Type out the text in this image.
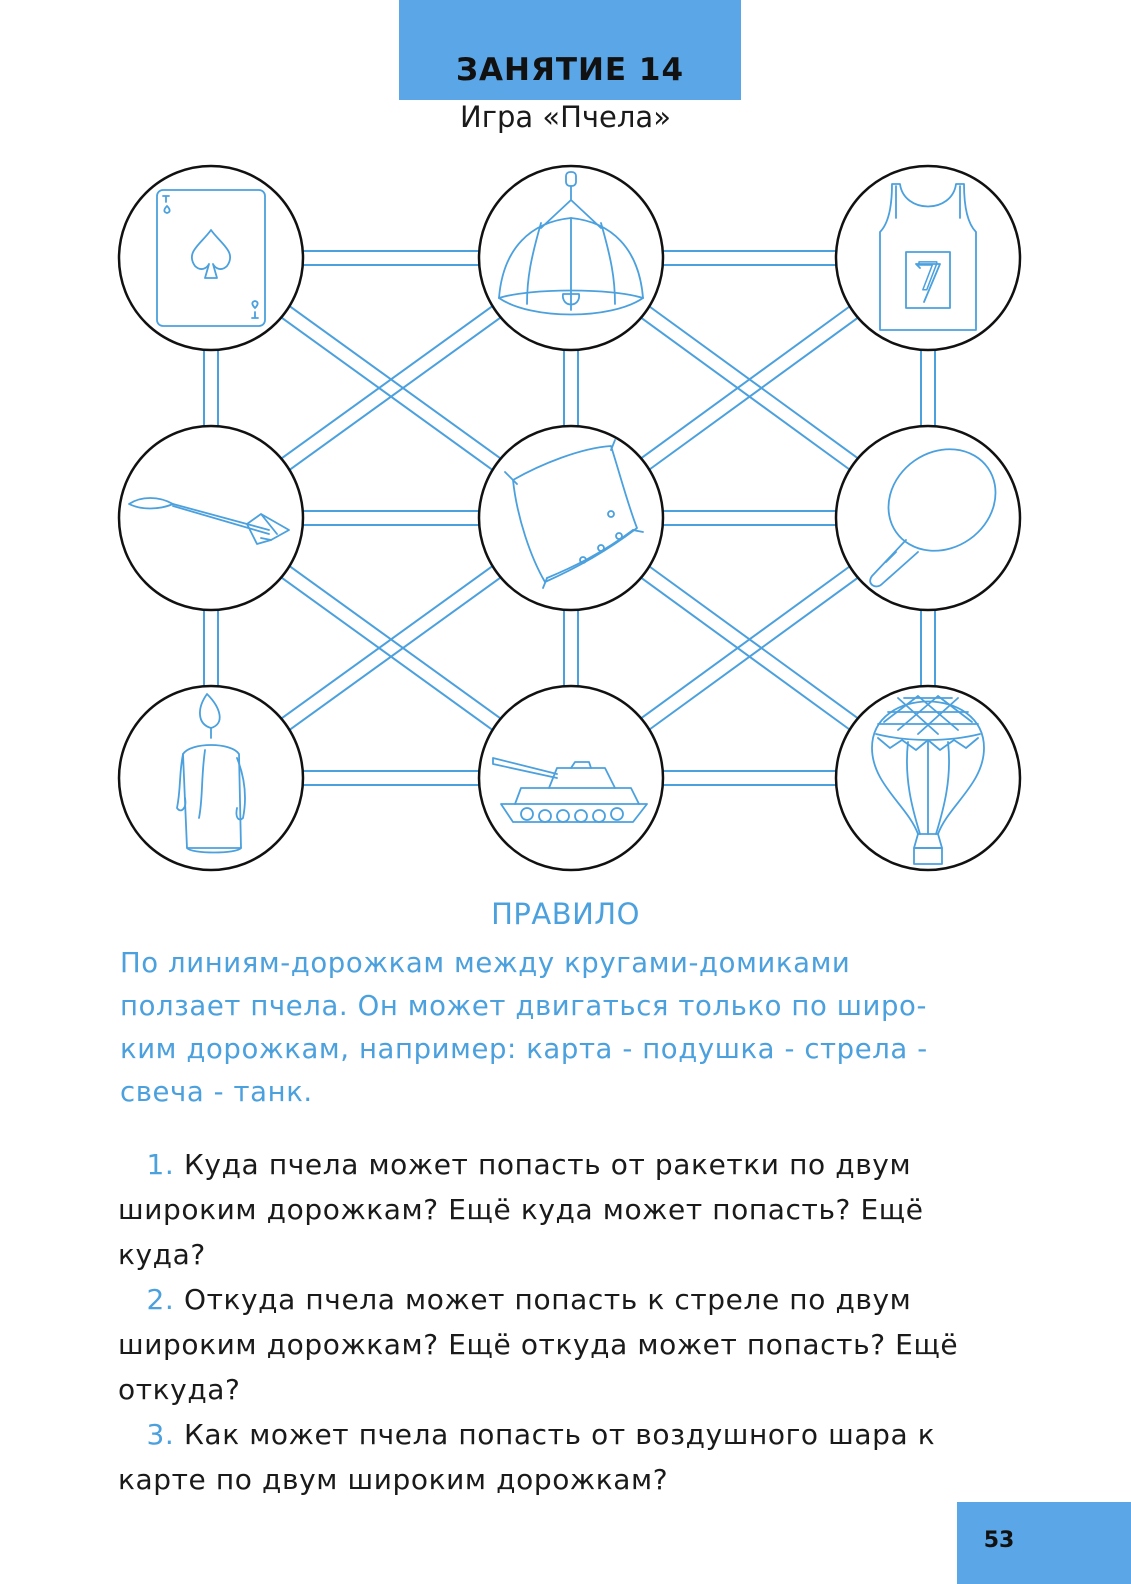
ЗАНЯТИЕ 14
Игра «Пчела»
7
ПРАВИЛО
По линиям-дорожкам между кругами-домиками
ползает пчела. Он может двигаться только по широ-
ким дорожкам, например: карта - подушка - стрела -
свеча - танк.
1. Куда пчела может попасть от ракетки по двум
широким дорожкам? Ещё куда может попасть? Ещё
куда?
2. Откуда пчела может попасть к стреле по двум
широким дорожкам? Ещё откуда может попасть? Ещё
откуда?
3. Как может пчела попасть от воздушного шара к
карте по двум широким дорожкам?
53
